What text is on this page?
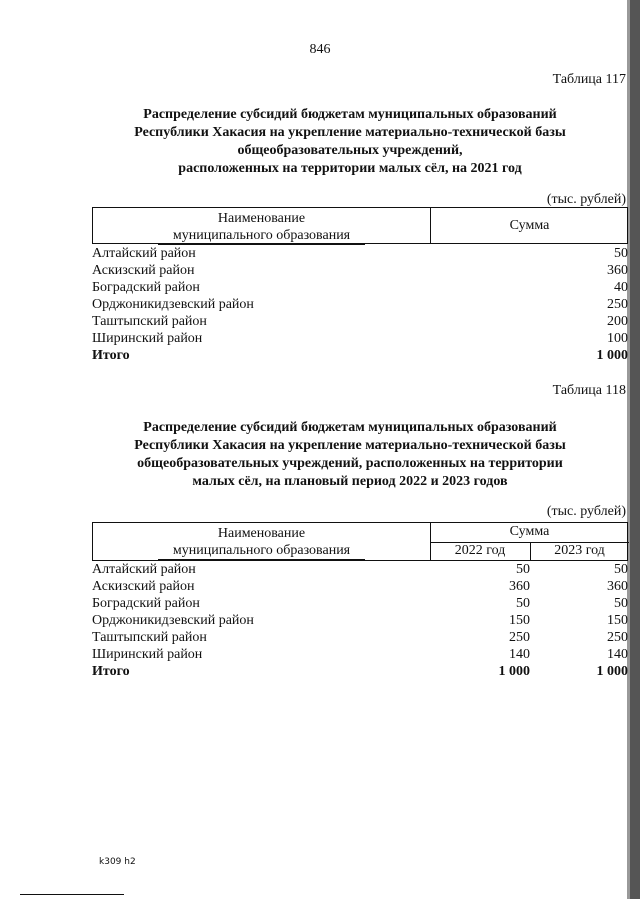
846
Таблица 117
Распределение субсидий бюджетам муниципальных образований
Республики Хакасия на укрепление материально-технической базы
общеобразовательных учреждений,
расположенных на территории малых сёл, на 2021 год
(тыс. рублей)
Наименование
муниципального образования
Сумма
Алтайский район	50
Аскизский район	360
Боградский район	40
Орджоникидзевский район	250
Таштыпский район	200
Ширинский район	100
Итого	1 000
Таблица 118
Распределение субсидий бюджетам муниципальных образований
Республики Хакасия на укрепление материально-технической базы
общеобразовательных учреждений, расположенных на территории
малых сёл, на плановый период 2022 и 2023 годов
(тыс. рублей)
Наименование
муниципального образования
Сумма
2022 год	2023 год
Алтайский район	50	50
Аскизский район	360	360
Боградский район	50	50
Орджоникидзевский район	150	150
Таштыпский район	250	250
Ширинский район	140	140
Итого	1 000	1 000
k309 h2
